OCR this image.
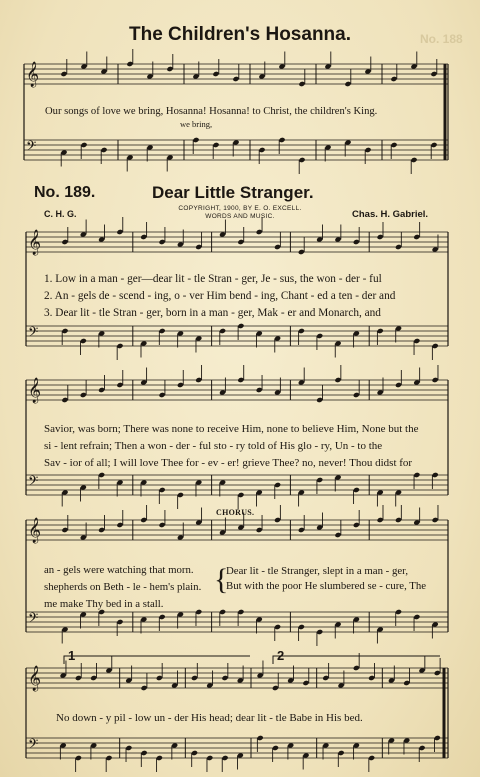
𝄞
𝄢
𝄞
𝄢
𝄞
𝄢
𝄞
𝄢
𝄞
𝄢
No. 188
The Children's Hosanna.
Our songs of love we bring, Hosanna! Hosanna! to Christ, the children's King.
we bring,
No. 189.	Dear Little Stranger.
C. H. G.
COPYRIGHT, 1900, BY E. O. EXCELL.
WORDS AND MUSIC.	Chas. H. Gabriel.
1. Low in a man - ger—dear lit - tle Stran - ger, Je - sus, the won - der - ful
2. An - gels de - scend - ing, o - ver Him bend - ing, Chant - ed a ten - der and
3. Dear lit - tle Stran - ger, born in a man - ger, Mak - er and Monarch, and
Savior, was born; There was none to receive Him, none to believe Him, None but the
si - lent refrain; Then a won - der - ful sto - ry told of His glo - ry, Un - to the
Sav - ior of all; I will love Thee for - ev - er! grieve Thee? no, never! Thou didst for
CHORUS.
an - gels were watching that morn.
shepherds on Beth - le - hem's plain.
me make Thy bed in a stall.
{
Dear lit - tle Stranger, slept in a man - ger,
But with the poor He slumbered se - cure, The
1	2
No down - y pil - low un - der His head; dear lit - tle Babe in His bed.
